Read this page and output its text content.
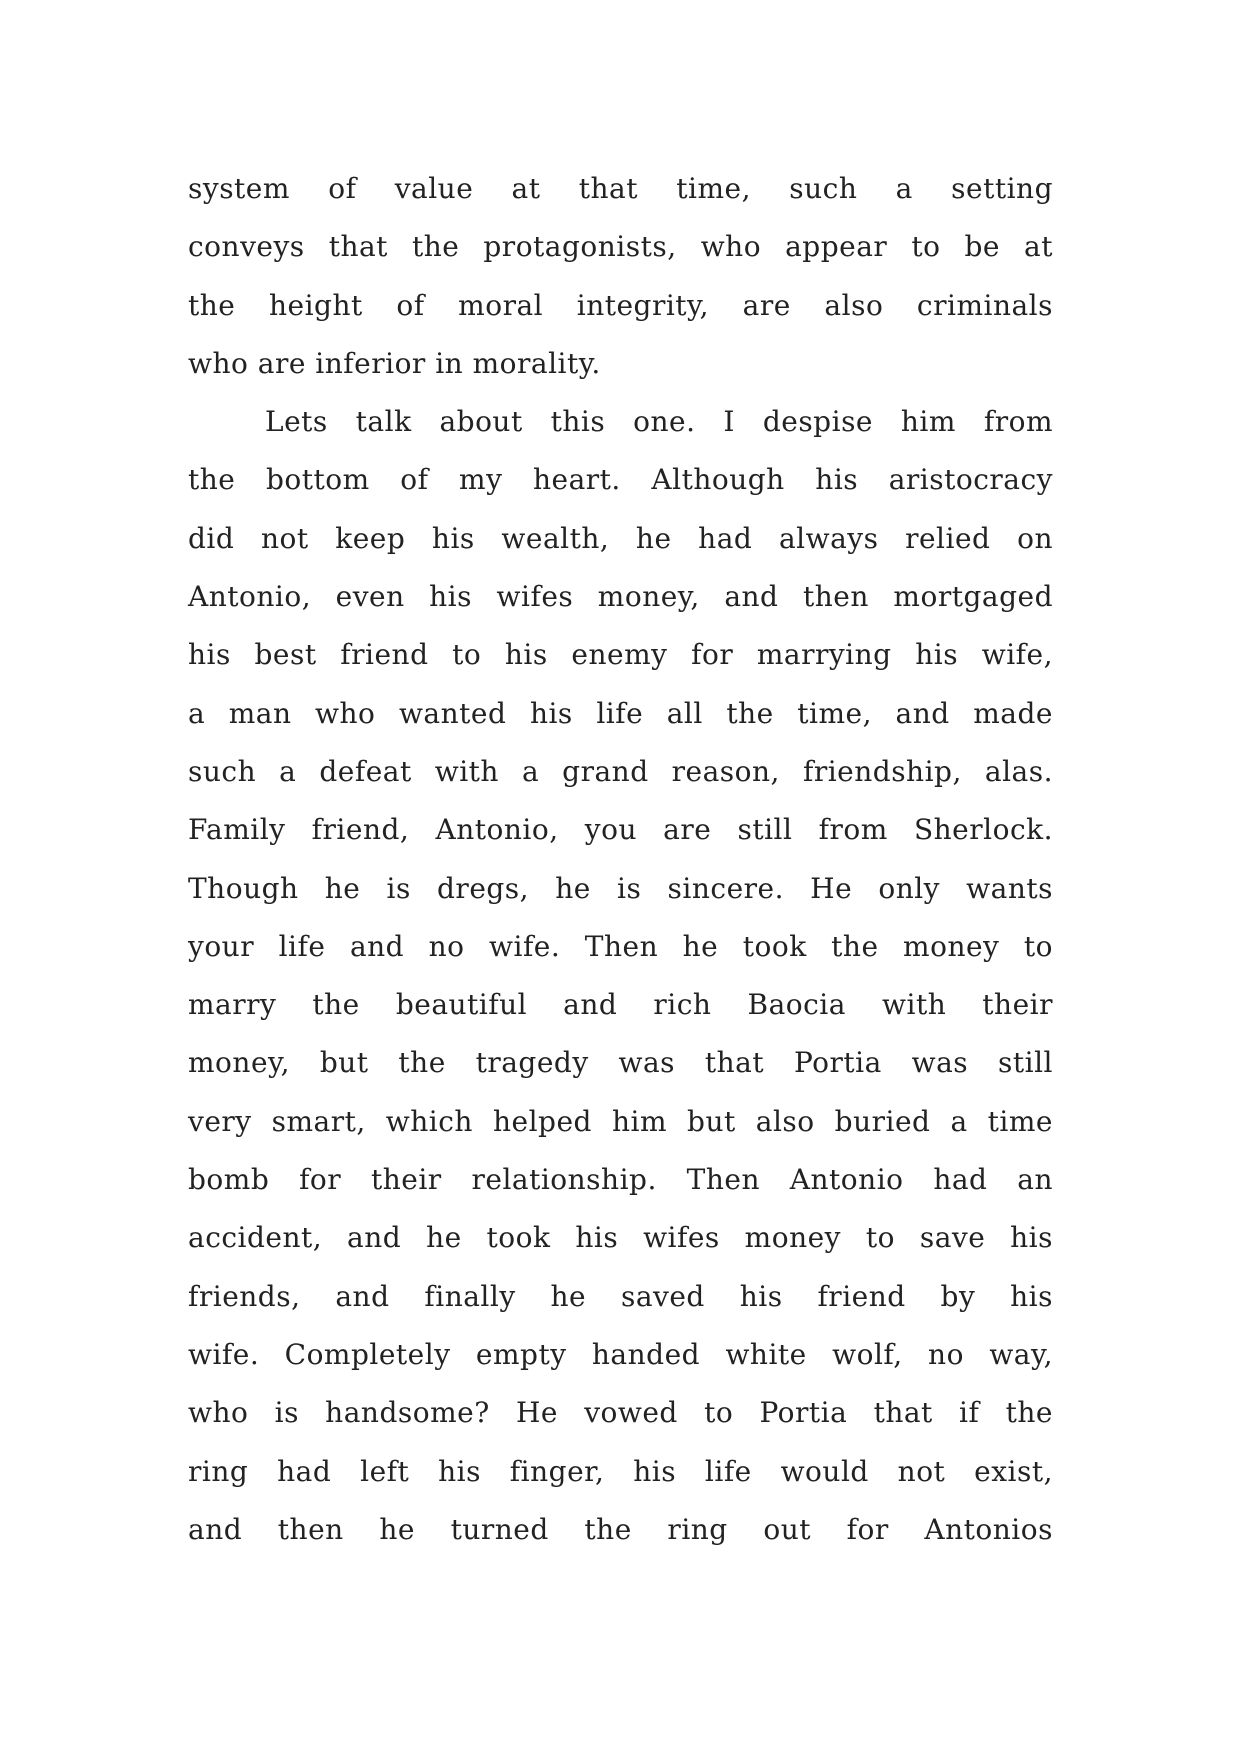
system of value at that time, such a setting
conveys that the protagonists, who appear to be at
the height of moral integrity, are also criminals
who are inferior in morality.
Lets talk about this one. I despise him from
the bottom of my heart. Although his aristocracy
did not keep his wealth, he had always relied on
Antonio, even his wifes money, and then mortgaged
his best friend to his enemy for marrying his wife,
a man who wanted his life all the time, and made
such a defeat with a grand reason, friendship, alas.
Family friend, Antonio, you are still from Sherlock.
Though he is dregs, he is sincere. He only wants
your life and no wife. Then he took the money to
marry the beautiful and rich Baocia with their
money, but the tragedy was that Portia was still
very smart, which helped him but also buried a time
bomb for their relationship. Then Antonio had an
accident, and he took his wifes money to save his
friends, and finally he saved his friend by his
wife. Completely empty handed white wolf, no way,
who is handsome? He vowed to Portia that if the
ring had left his finger, his life would not exist,
and then he turned the ring out for Antonios
